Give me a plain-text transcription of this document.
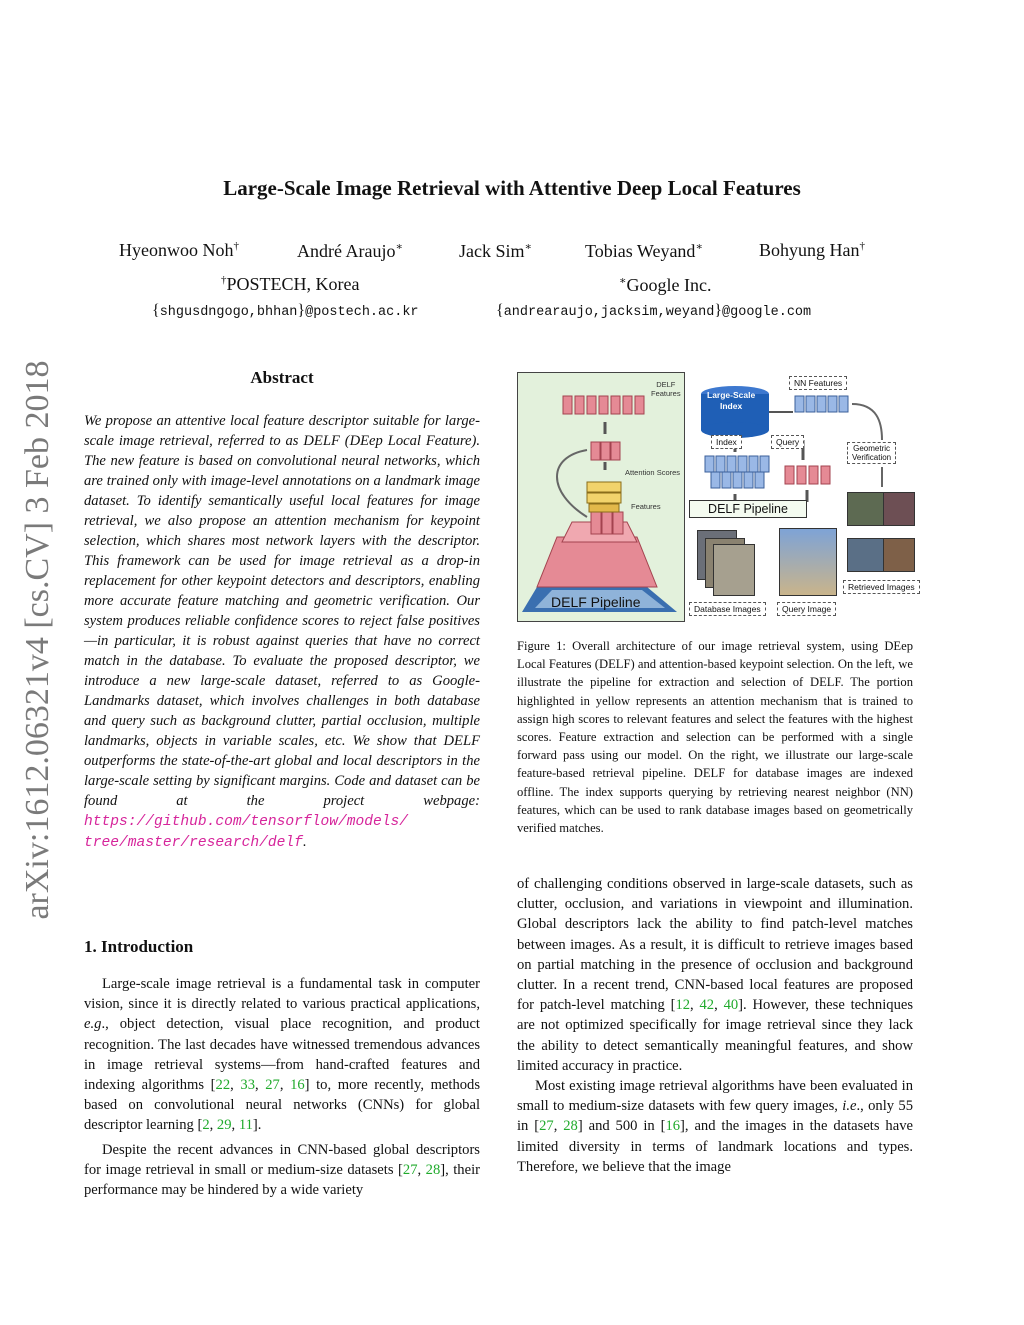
Large-Scale Image Retrieval with Attentive Deep Local Features
Hyeonwoo Noh†	André Araujo∗	Jack Sim∗	Tobias Weyand∗	Bohyung Han†
†POSTECH, Korea	∗Google Inc.
{shgusdngogo,bhhan}@postech.ac.kr	{andrearaujo,jacksim,weyand}@google.com
arXiv:1612.06321v4 [cs.CV] 3 Feb 2018	Abstract
We propose an attentive local feature descriptor suitable for large-scale image retrieval, referred to as DELF (DEep Local Feature). The new feature is based on convolutional neural networks, which are trained only with image-level annotations on a landmark image dataset. To identify semantically useful local features for image retrieval, we also propose an attention mechanism for keypoint selection, which shares most network layers with the descriptor. This framework can be used for image retrieval as a drop-in replacement for other keypoint detectors and descriptors, enabling more accurate feature matching and geometric verification. Our system produces reliable confidence scores to reject false positives—in particular, it is robust against queries that have no correct match in the database. To evaluate the proposed descriptor, we introduce a new large-scale dataset, referred to as Google-Landmarks dataset, which involves challenges in both database and query such as background clutter, partial occlusion, multiple landmarks, objects in variable scales, etc. We show that DELF outperforms the state-of-the-art global and local descriptors in the large-scale setting by significant margins. Code and dataset can be found at the project webpage: https://github.com/tensorflow/models/
tree/master/research/delf.
1. Introduction

Large-scale image retrieval is a fundamental task in computer vision, since it is directly related to various practical applications, e.g., object detection, visual place recognition, and product recognition. The last decades have witnessed tremendous advances in image retrieval systems—from hand-crafted features and indexing algorithms [22, 33, 27, 16] to, more recently, methods based on convolutional neural networks (CNNs) for global descriptor learning [2, 29, 11].

Despite the recent advances in CNN-based global descriptors for image retrieval in small or medium-size datasets [27, 28], their performance may be hindered by a wide variety

of challenging conditions observed in large-scale datasets, such as clutter, occlusion, and variations in viewpoint and illumination. Global descriptors lack the ability to find patch-level matches between images. As a result, it is difficult to retrieve images based on partial matching in the presence of occlusion and background clutter. In a recent trend, CNN-based local features are proposed for patch-level matching [12, 42, 40]. However, these techniques are not optimized specifically for image retrieval since they lack the ability to detect semantically meaningful features, and show limited accuracy in practice.

Most existing image retrieval algorithms have been evaluated in small to medium-size datasets with few query images, i.e., only 55 in [27, 28] and 500 in [16], and the images in the datasets have limited diversity in terms of landmark locations and types. Therefore, we believe that the image

DELF Pipeline
DELF
Features
Attention Scores
Features
Large-Scale
Index
NN Features
Index	Query
Geometric
Verification
DELF Pipeline
Retrieved Images
Database Images	Query Image
Figure 1: Overall architecture of our image retrieval system, using DEep Local Features (DELF) and attention-based keypoint selection. On the left, we illustrate the pipeline for extraction and selection of DELF. The portion highlighted in yellow represents an attention mechanism that is trained to assign high scores to relevant features and select the features with the highest scores. Feature extraction and selection can be performed with a single forward pass using our model. On the right, we illustrate our large-scale feature-based retrieval pipeline. DELF for database images are indexed offline. The index supports querying by retrieving nearest neighbor (NN) features, which can be used to rank database images based on geometrically verified matches.
